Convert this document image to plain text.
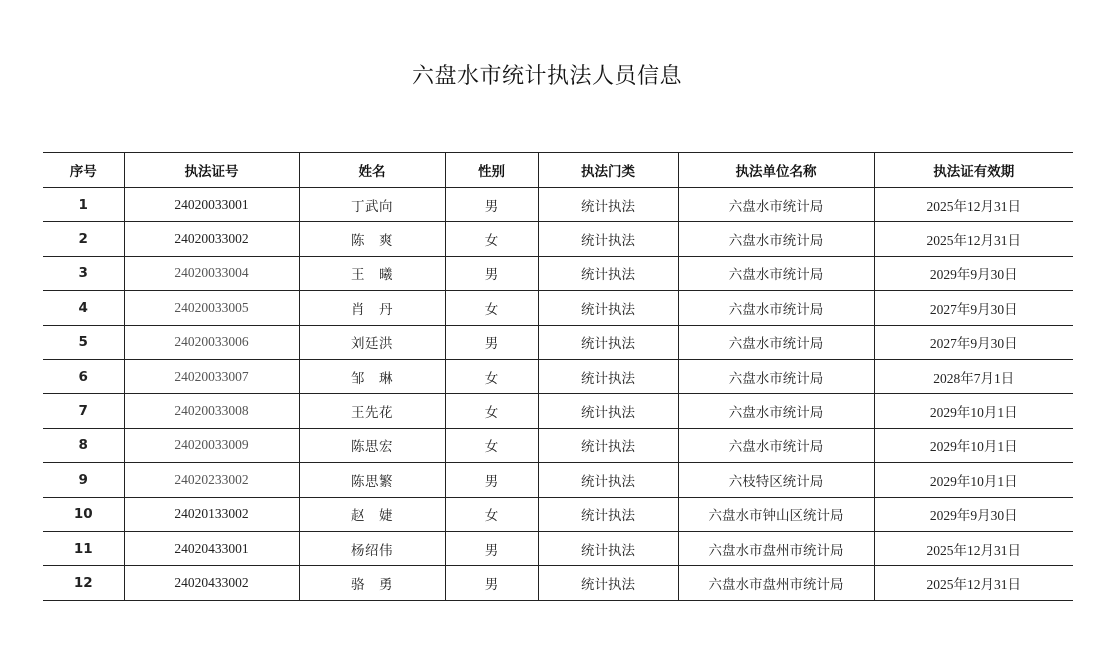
六盘水市统计执法人员信息
序号	执法证号	姓名	性别	执法门类	执法单位名称	执法证有效期
1	24020033001	丁武向	男	统计执法	六盘水市统计局	2025年12月31日
2	24020033002	陈　爽	女	统计执法	六盘水市统计局	2025年12月31日
3	24020033004	王　曦	男	统计执法	六盘水市统计局	2029年9月30日
4	24020033005	肖　丹	女	统计执法	六盘水市统计局	2027年9月30日
5	24020033006	刘廷洪	男	统计执法	六盘水市统计局	2027年9月30日
6	24020033007	邹　琳	女	统计执法	六盘水市统计局	2028年7月1日
7	24020033008	王先花	女	统计执法	六盘水市统计局	2029年10月1日
8	24020033009	陈思宏	女	统计执法	六盘水市统计局	2029年10月1日
9	24020233002	陈思繁	男	统计执法	六枝特区统计局	2029年10月1日
10	24020133002	赵　婕	女	统计执法	六盘水市钟山区统计局	2029年9月30日
11	24020433001	杨绍伟	男	统计执法	六盘水市盘州市统计局	2025年12月31日
12	24020433002	骆　勇	男	统计执法	六盘水市盘州市统计局	2025年12月31日
